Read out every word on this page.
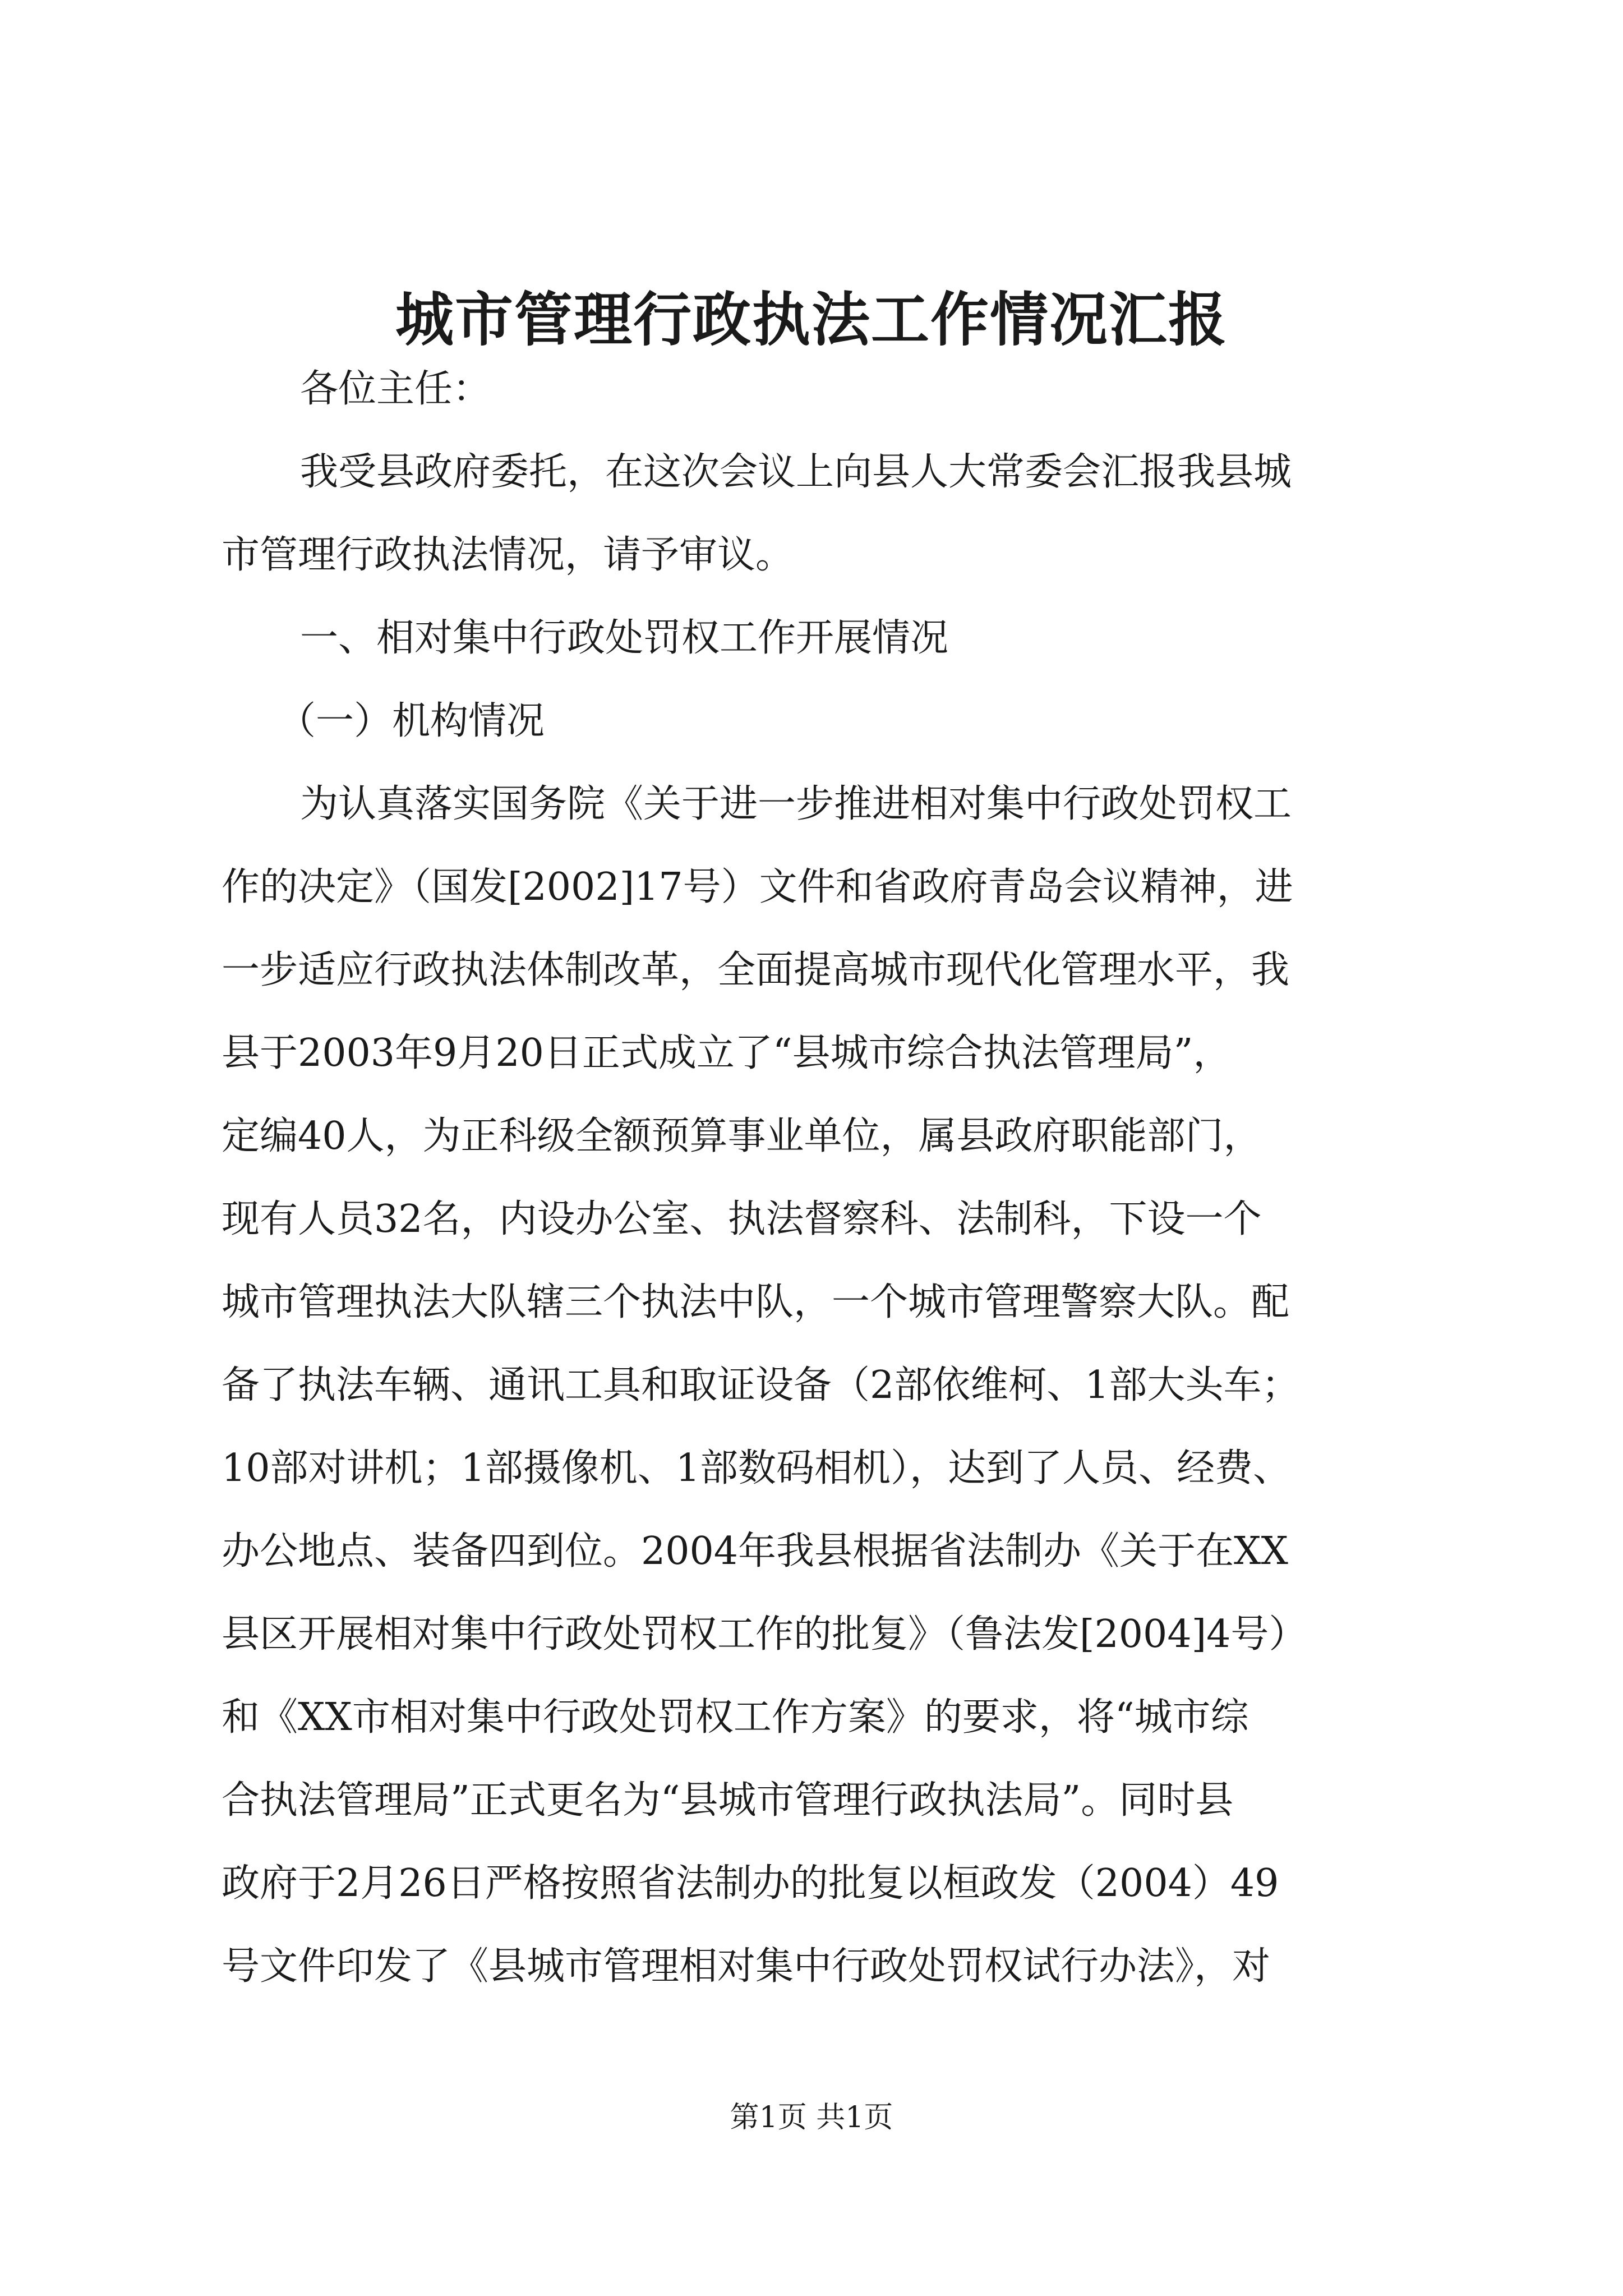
城市管理行政执法工作情况汇报
各位主任：
我受县政府委托，在这次会议上向县人大常委会汇报我县城
市管理行政执法情况，请予审议。
一、相对集中行政处罚权工作开展情况
（一）机构情况
为认真落实国务院《关于进一步推进相对集中行政处罚权工
作的决定》（国发[2002]17号）文件和省政府青岛会议精神，进
一步适应行政执法体制改革，全面提高城市现代化管理水平，我
县于2003年9月20日正式成立了“县城市综合执法管理局”，
定编40人，为正科级全额预算事业单位，属县政府职能部门，
现有人员32名，内设办公室、执法督察科、法制科，下设一个
城市管理执法大队辖三个执法中队，一个城市管理警察大队。配
备了执法车辆、通讯工具和取证设备（2部依维柯、1部大头车；
10部对讲机；1部摄像机、1部数码相机），达到了人员、经费、
办公地点、装备四到位。2004年我县根据省法制办《关于在XX
县区开展相对集中行政处罚权工作的批复》（鲁法发[2004]4号）
和《XX市相对集中行政处罚权工作方案》的要求，将“城市综
合执法管理局”正式更名为“县城市管理行政执法局”。同时县
政府于2月26日严格按照省法制办的批复以桓政发（2004）49
号文件印发了《县城市管理相对集中行政处罚权试行办法》，对
第1页 共1页
